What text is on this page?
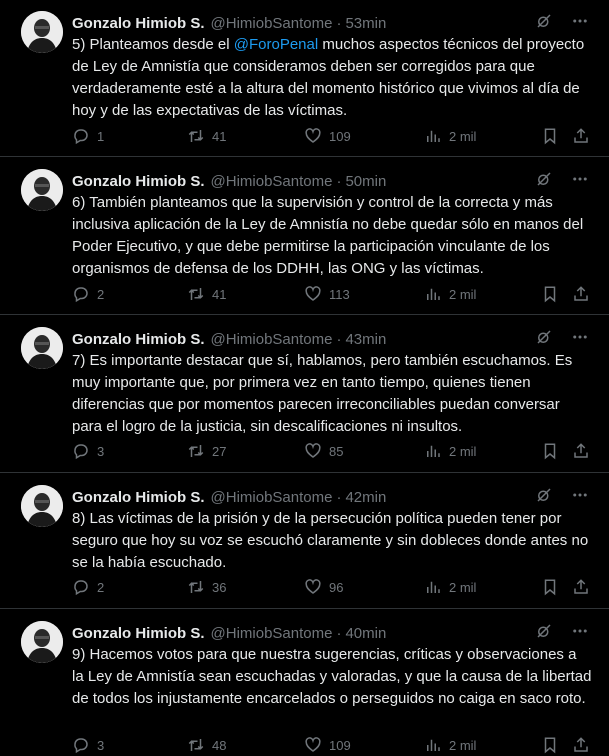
Gonzalo Himiob S. @HimiobSantome · 53min
5) Planteamos desde el @ForoPenal muchos aspectos técnicos del proyecto de Ley de Amnistía que consideramos deben ser corregidos para que verdaderamente esté a la altura del momento histórico que vivimos al día de hoy y de las expectativas de las víctimas.
1	41	109	2 mil
Gonzalo Himiob S. @HimiobSantome · 50min
6) También planteamos que la supervisión y control de la correcta y más inclusiva aplicación de la Ley de Amnistía no debe quedar sólo en manos del Poder Ejecutivo, y que debe permitirse la participación vinculante de los organismos de defensa de los DDHH, las ONG y las víctimas.
2	41	113	2 mil
Gonzalo Himiob S. @HimiobSantome · 43min
7) Es importante destacar que sí, hablamos, pero también escuchamos. Es muy importante que, por primera vez en tanto tiempo, quienes tienen diferencias que por momentos parecen irreconciliables puedan conversar para el logro de la justicia, sin descalificaciones ni insultos.
3	27	85	2 mil
Gonzalo Himiob S. @HimiobSantome · 42min
8) Las víctimas de la prisión y de la persecución política pueden tener por seguro que hoy su voz se escuchó claramente y sin dobleces donde antes no se la había escuchado.
2	36	96	2 mil
Gonzalo Himiob S. @HimiobSantome · 40min
9) Hacemos votos para que nuestra sugerencias, críticas y observaciones a la Ley de Amnistía sean escuchadas y valoradas, y que la causa de la libertad de todos los injustamente encarcelados o perseguidos no caiga en saco roto.
3	48	109	2 mil
